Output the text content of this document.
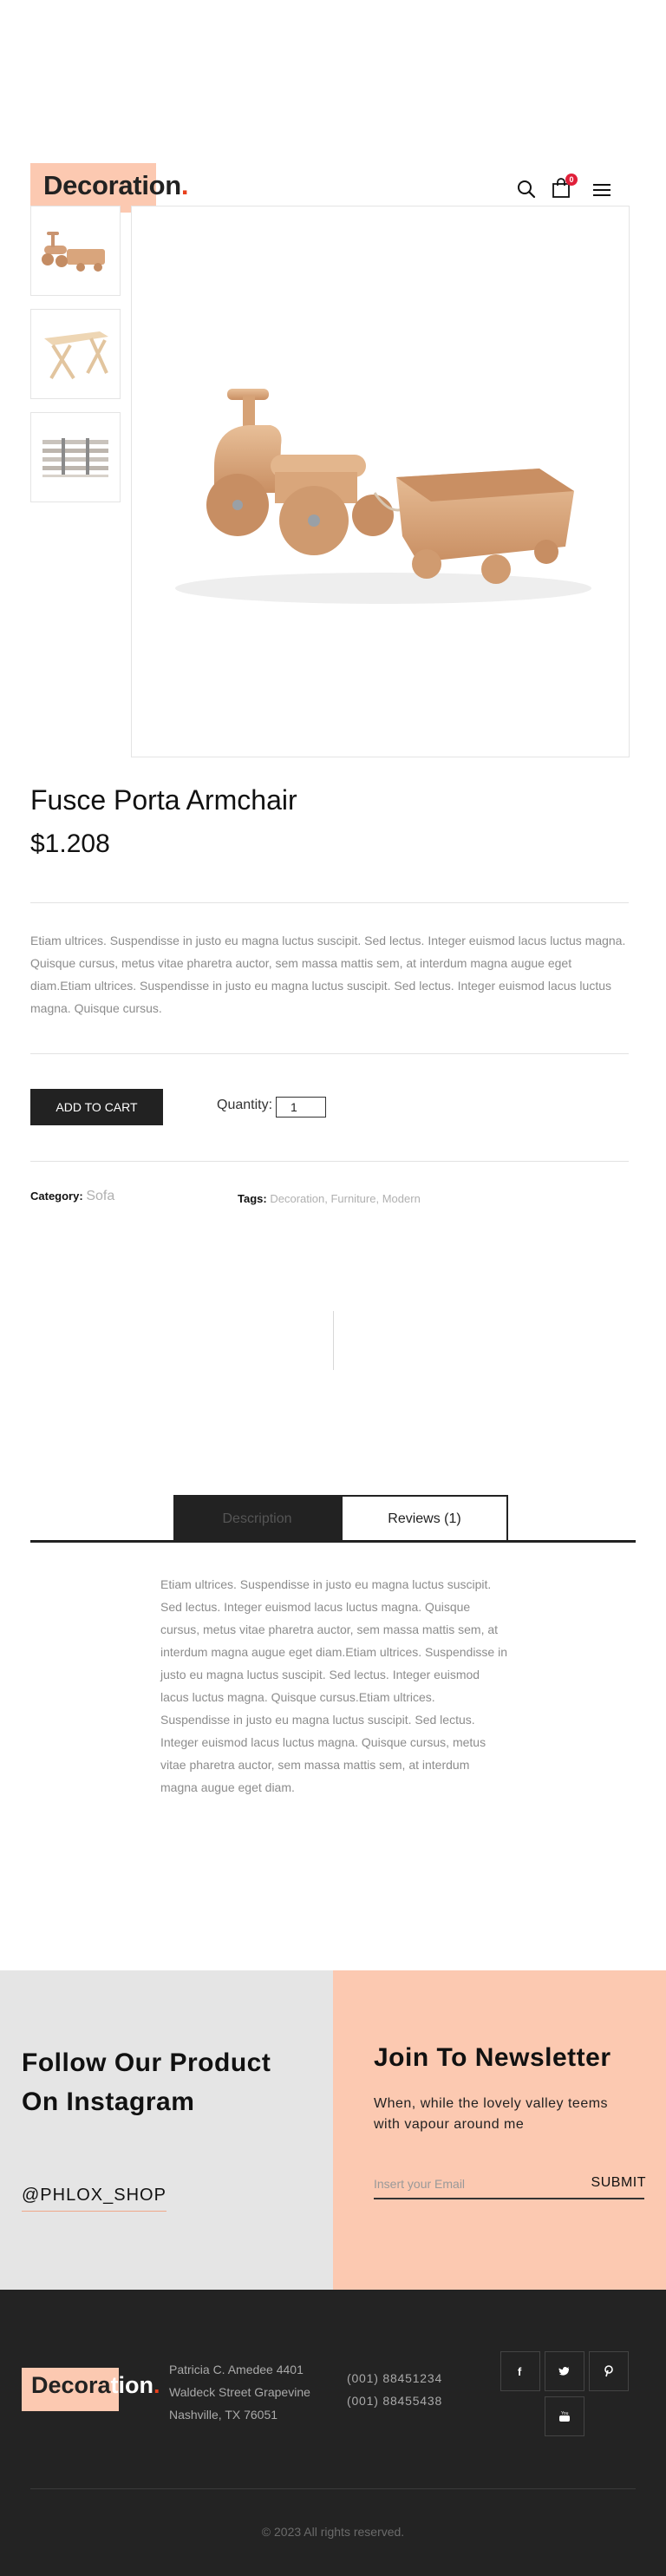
Decoration.	0
Fusce Porta Armchair
$1.208

Etiam ultrices. Suspendisse in justo eu magna luctus suscipit. Sed lectus. Integer euismod lacus luctus magna. Quisque cursus, metus vitae pharetra auctor, sem massa mattis sem, at interdum magna augue eget diam.Etiam ultrices. Suspendisse in justo eu magna luctus suscipit. Sed lectus. Integer euismod lacus luctus magna. Quisque cursus.

ADD TO CART	Quantity:
1
Category: Sofa	Tags: Decoration, Furniture, Modern
Description	Reviews (1)

Etiam ultrices. Suspendisse in justo eu magna luctus suscipit. Sed lectus. Integer euismod lacus luctus magna. Quisque cursus, metus vitae pharetra auctor, sem massa mattis sem, at interdum magna augue eget diam.Etiam ultrices. Suspendisse in justo eu magna luctus suscipit. Sed lectus. Integer euismod lacus luctus magna. Quisque cursus.Etiam ultrices. Suspendisse in justo eu magna luctus suscipit. Sed lectus. Integer euismod lacus luctus magna. Quisque cursus, metus vitae pharetra auctor, sem massa mattis sem, at interdum magna augue eget diam.

Follow Our Product On Instagram
@PHLOX_SHOP
Join To Newsletter

When, while the lovely valley teems with vapour around me

Insert your Email
SUBMIT
Decoration.
Patricia C. Amedee 4401
Waldeck Street Grapevine
Nashville, TX 76051
(001) 88451234
(001) 88455438
f
You
© 2023 All rights reserved.
